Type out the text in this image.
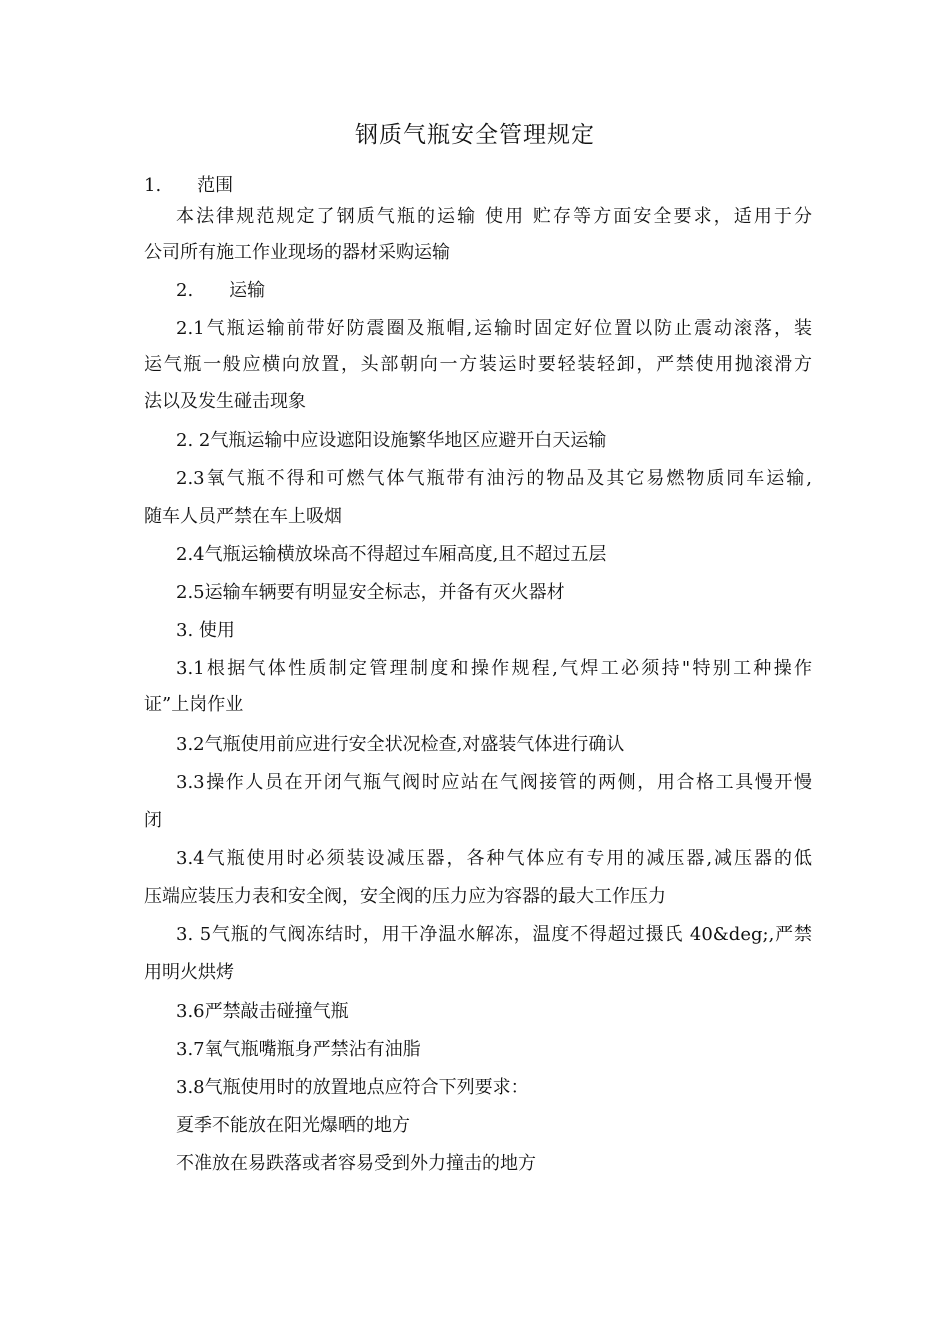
钢质气瓶安全管理规定
1.　　范围
本法律规范规定了钢质气瓶的运输 使用 贮存等方面安全要求，适用于分
公司所有施工作业现场的器材采购运输
2.　　运输
2.1气瓶运输前带好防震圈及瓶帽,运输时固定好位置以防止震动滚落，装
运气瓶一般应横向放置，头部朝向一方装运时要轻装轻卸，严禁使用抛滚滑方
法以及发生碰击现象
2. 2气瓶运输中应设遮阳设施繁华地区应避开白天运输
2.3氧气瓶不得和可燃气体气瓶带有油污的物品及其它易燃物质同车运输,
随车人员严禁在车上吸烟
2.4气瓶运输横放垛高不得超过车厢高度,且不超过五层
2.5运输车辆要有明显安全标志，并备有灭火器材
3. 使用
3.1根据气体性质制定管理制度和操作规程,气焊工必须持"特别工种操作
证”上岗作业
3.2气瓶使用前应进行安全状况检查,对盛装气体进行确认
3.3操作人员在开闭气瓶气阀时应站在气阀接管的两侧，用合格工具慢开慢
闭
3.4气瓶使用时必须装设减压器，各种气体应有专用的减压器,减压器的低
压端应装压力表和安全阀，安全阀的压力应为容器的最大工作压力
3. 5气瓶的气阀冻结时，用干净温水解冻，温度不得超过摄氏 40&deg;,严禁
用明火烘烤
3.6严禁敲击碰撞气瓶
3.7氧气瓶嘴瓶身严禁沾有油脂
3.8气瓶使用时的放置地点应符合下列要求：
夏季不能放在阳光爆晒的地方
不准放在易跌落或者容易受到外力撞击的地方
